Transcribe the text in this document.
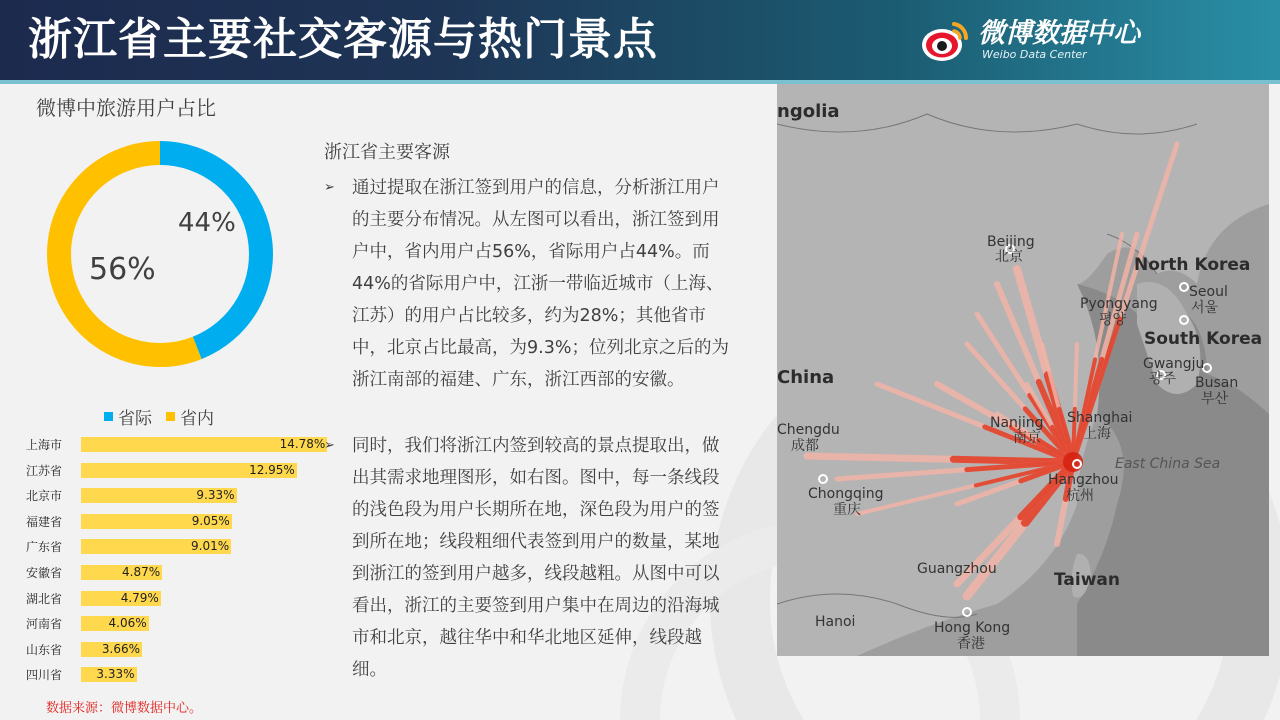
浙江省主要社交客源与热门景点	微博数据中心
Weibo Data Center
微博中旅游用户占比
44%
56%
省际 省内
上海市	14.78%
江苏省	12.95%
北京市	9.33%
福建省	9.05%
广东省	9.01%
安徽省	4.87%
湖北省	4.79%
河南省	4.06%
山东省	3.66%
四川省	3.33%
数据来源：微博数据中心。
浙江省主要客源
➢ 通过提取在浙江签到用户的信息，分析浙江用户的主要分布情况。从左图可以看出，浙江签到用户中，省内用户占56%，省际用户占44%。而44%的省际用户中，江浙一带临近城市（上海、江苏）的用户占比较多，约为28%；其他省市中，北京占比最高，为9.3%；位列北京之后的为浙江南部的福建、广东，浙江西部的安徽。
➢ 同时，我们将浙江内签到较高的景点提取出，做出其需求地理图形，如右图。图中，每一条线段的浅色段为用户长期所在地，深色段为用户的签到所在地；线段粗细代表签到用户的数量，某地到浙江的签到用户越多，线段越粗。从图中可以看出，浙江的主要签到用户集中在周边的沿海城市和北京，越往华中和华北地区延伸，线段越细。
ngolia
Beijing
北京	North Korea
Pyongyang
평양
Seoul
서울
South Korea
Gwangju
광주 Busan
부산
China
Nanjing
南京
Shanghai
上海
Chengdu
成都
East China Sea
Chongqing
重庆
Hangzhou
杭州
Guangzhou
Taiwan
Hanoi	Hong Kong
香港
